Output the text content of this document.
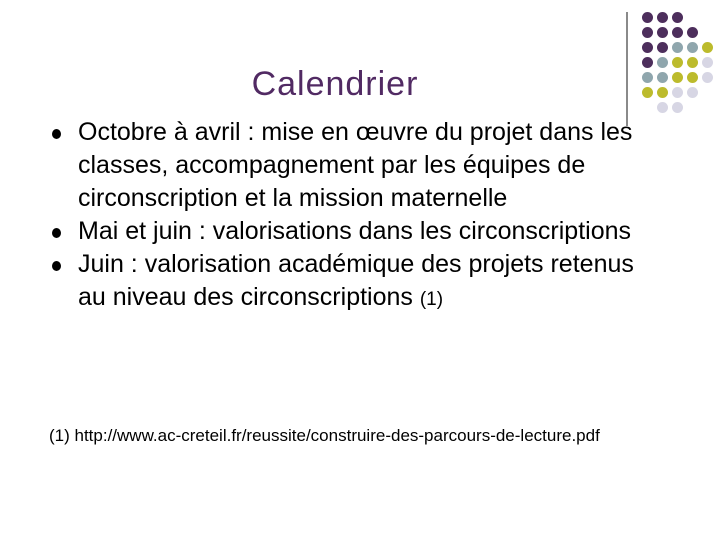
Calendrier
Octobre à avril : mise en œuvre du projet dans les classes, accompagnement par les équipes de circonscription et la mission maternelle
Mai et juin : valorisations dans les circonscriptions
Juin : valorisation académique des projets retenus au niveau des circonscriptions (1)
(1) http://www.ac-creteil.fr/reussite/construire-des-parcours-de-lecture.pdf
